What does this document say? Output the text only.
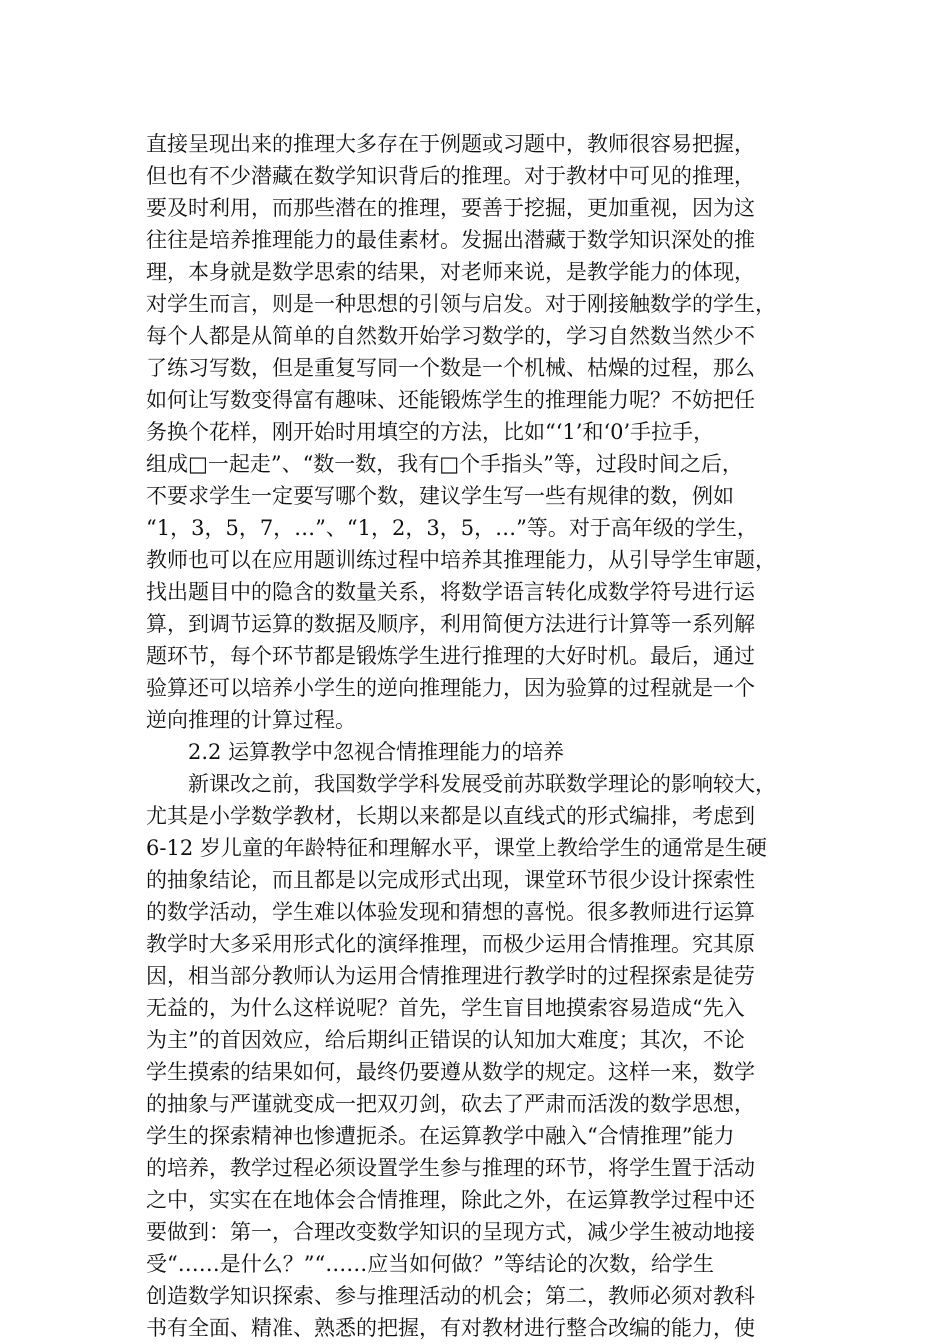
直接呈现出来的推理大多存在于例题或习题中，教师很容易把握，
但也有不少潜藏在数学知识背后的推理。对于教材中可见的推理，
要及时利用，而那些潜在的推理，要善于挖掘，更加重视，因为这
往往是培养推理能力的最佳素材。发掘出潜藏于数学知识深处的推
理，本身就是数学思索的结果，对老师来说，是教学能力的体现，
对学生而言，则是一种思想的引领与启发。对于刚接触数学的学生，
每个人都是从简单的自然数开始学习数学的，学习自然数当然少不
了练习写数，但是重复写同一个数是一个机械、枯燥的过程，那么
如何让写数变得富有趣味、还能锻炼学生的推理能力呢？不妨把任
务换个花样，刚开始时用填空的方法，比如“‘1’和‘0’手拉手，
组成□一起走”、“数一数，我有□个手指头”等，过段时间之后，
不要求学生一定要写哪个数，建议学生写一些有规律的数，例如
“1，3，5，7，…”、“1，2，3，5，…”等。对于高年级的学生，
教师也可以在应用题训练过程中培养其推理能力，从引导学生审题，
找出题目中的隐含的数量关系，将数学语言转化成数学符号进行运
算，到调节运算的数据及顺序，利用简便方法进行计算等一系列解
题环节，每个环节都是锻炼学生进行推理的大好时机。最后，通过
验算还可以培养小学生的逆向推理能力，因为验算的过程就是一个
逆向推理的计算过程。
2.2 运算教学中忽视合情推理能力的培养
新课改之前，我国数学学科发展受前苏联数学理论的影响较大，
尤其是小学数学教材，长期以来都是以直线式的形式编排，考虑到
6-12 岁儿童的年龄特征和理解水平，课堂上教给学生的通常是生硬
的抽象结论，而且都是以完成形式出现，课堂环节很少设计探索性
的数学活动，学生难以体验发现和猜想的喜悦。很多教师进行运算
教学时大多采用形式化的演绎推理，而极少运用合情推理。究其原
因，相当部分教师认为运用合情推理进行教学时的过程探索是徒劳
无益的，为什么这样说呢？首先，学生盲目地摸索容易造成“先入
为主”的首因效应，给后期纠正错误的认知加大难度；其次，不论
学生摸索的结果如何，最终仍要遵从数学的规定。这样一来，数学
的抽象与严谨就变成一把双刃剑，砍去了严肃而活泼的数学思想，
学生的探索精神也惨遭扼杀。在运算教学中融入“合情推理”能力
的培养，教学过程必须设置学生参与推理的环节，将学生置于活动
之中，实实在在地体会合情推理，除此之外，在运算教学过程中还
要做到：第一，合理改变数学知识的呈现方式，减少学生被动地接
受“……是什么？”“……应当如何做？”等结论的次数，给学生
创造数学知识探索、参与推理活动的机会；第二，教师必须对教科
书有全面、精准、熟悉的把握，有对教材进行整合改编的能力，使
